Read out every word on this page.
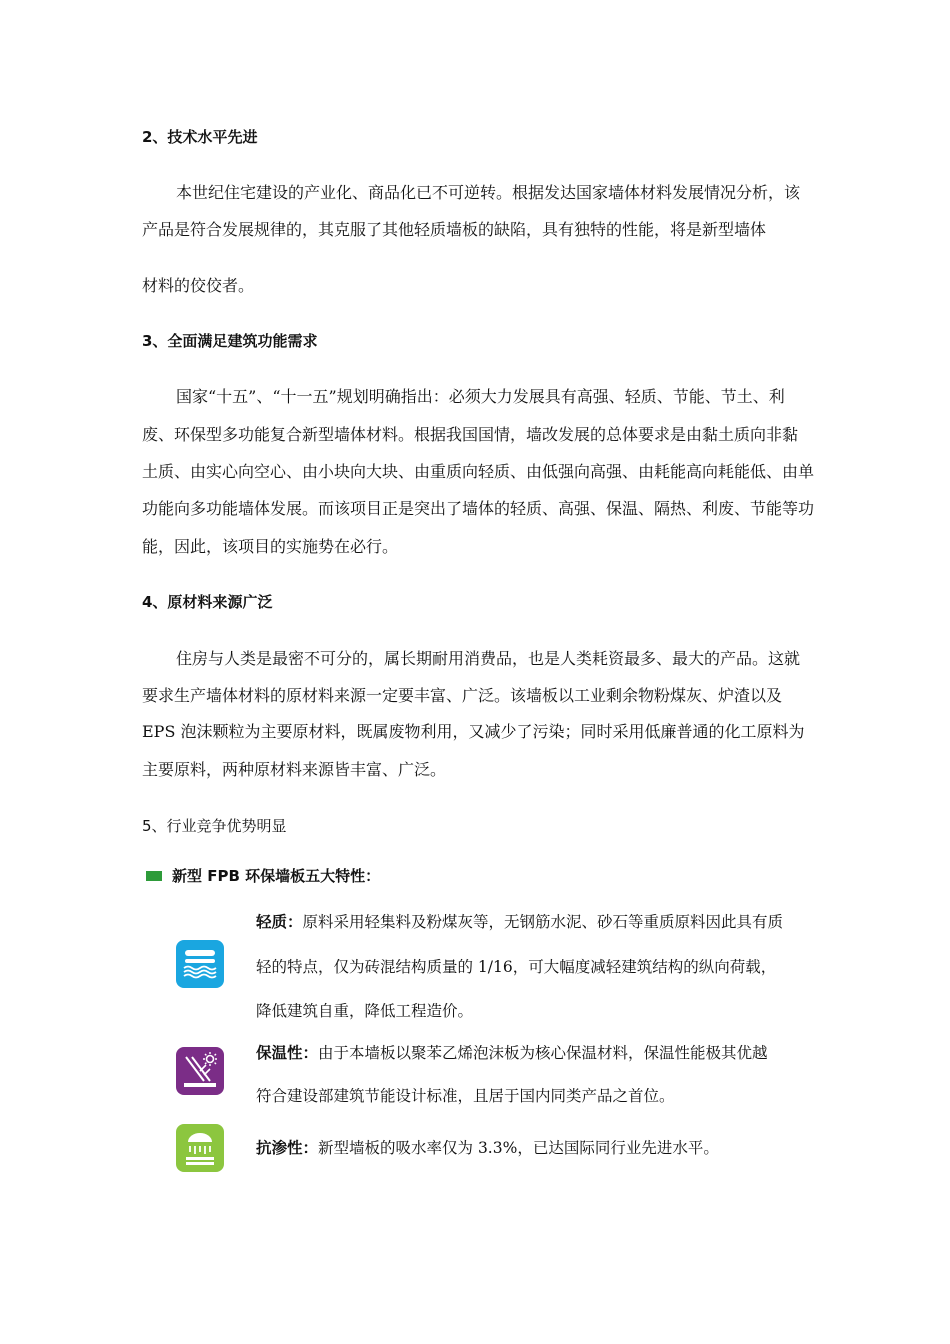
2、技术水平先进
本世纪住宅建设的产业化、商品化已不可逆转。根据发达国家墙体材料发展情况分析，该
产品是符合发展规律的，其克服了其他轻质墙板的缺陷，具有独特的性能，将是新型墙体
材料的佼佼者。
3、全面满足建筑功能需求
国家“十五”、“十一五”规划明确指出：必须大力发展具有高强、轻质、节能、节土、利
废、环保型多功能复合新型墙体材料。根据我国国情，墙改发展的总体要求是由黏土质向非黏
土质、由实心向空心、由小块向大块、由重质向轻质、由低强向高强、由耗能高向耗能低、由单
功能向多功能墙体发展。而该项目正是突出了墙体的轻质、高强、保温、隔热、利废、节能等功
能，因此，该项目的实施势在必行。
4、原材料来源广泛
住房与人类是最密不可分的，属长期耐用消费品，也是人类耗资最多、最大的产品。这就
要求生产墙体材料的原材料来源一定要丰富、广泛。该墙板以工业剩余物粉煤灰、炉渣以及
EPS 泡沫颗粒为主要原材料，既属废物利用，又减少了污染；同时采用低廉普通的化工原料为
主要原料，两种原材料来源皆丰富、广泛。
5、行业竞争优势明显
新型 FPB 环保墙板五大特性：
轻质：原料采用轻集料及粉煤灰等，无钢筋水泥、砂石等重质原料因此具有质
轻的特点，仅为砖混结构质量的 1/16，可大幅度减轻建筑结构的纵向荷载，
降低建筑自重，降低工程造价。
保温性：由于本墙板以聚苯乙烯泡沫板为核心保温材料，保温性能极其优越
符合建设部建筑节能设计标准，且居于国内同类产品之首位。
抗渗性：新型墙板的吸水率仅为 3.3%，已达国际同行业先进水平。
